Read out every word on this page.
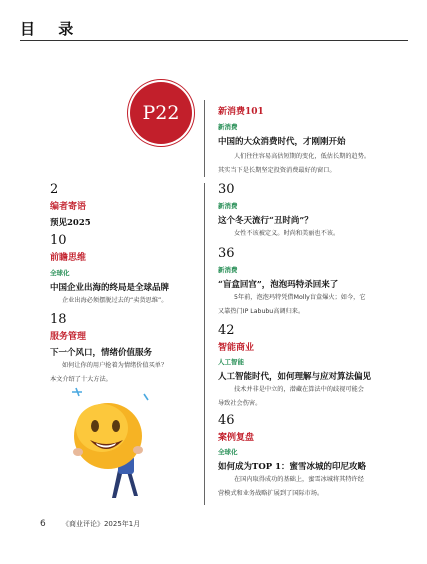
目 录
P22	新消费101
新消费
中国的大众消费时代，才刚刚开始
人们往往容易高估短期的变化，低估长期的趋势。
其实当下是长期坚定投资消费最好的窗口。
2
编者寄语
预见2025
10
前瞻思维
全球化
中国企业出海的终局是全球品牌
企业出海必须摆脱过去的“卖货思维”。
18
服务管理
下一个风口，情绪价值服务
如何让你的用户抢着为情绪价值买单？
本文介绍了十大方法。
30
新消费
这个冬天流行“丑时尚”？
女性不该被定义。时尚和美丽也不该。
36
新消费
“盲盒回宫”，泡泡玛特杀回来了
5年前，泡泡玛特凭借Molly盲盒爆火；如今，它
又靠热门IP Labubu高调归来。
42
智能商业
人工智能
人工智能时代，如何理解与应对算法偏见
技术并非是中立的，潜藏在算法中的歧视可能会
导致社会伤害。
46
案例复盘
全球化
如何成为TOP 1：蜜雪冰城的印尼攻略
在国内取得成功的基础上，蜜雪冰城将其特许经
营模式和业务战略扩展到了国际市场。
6 《商业评论》2025年1月
